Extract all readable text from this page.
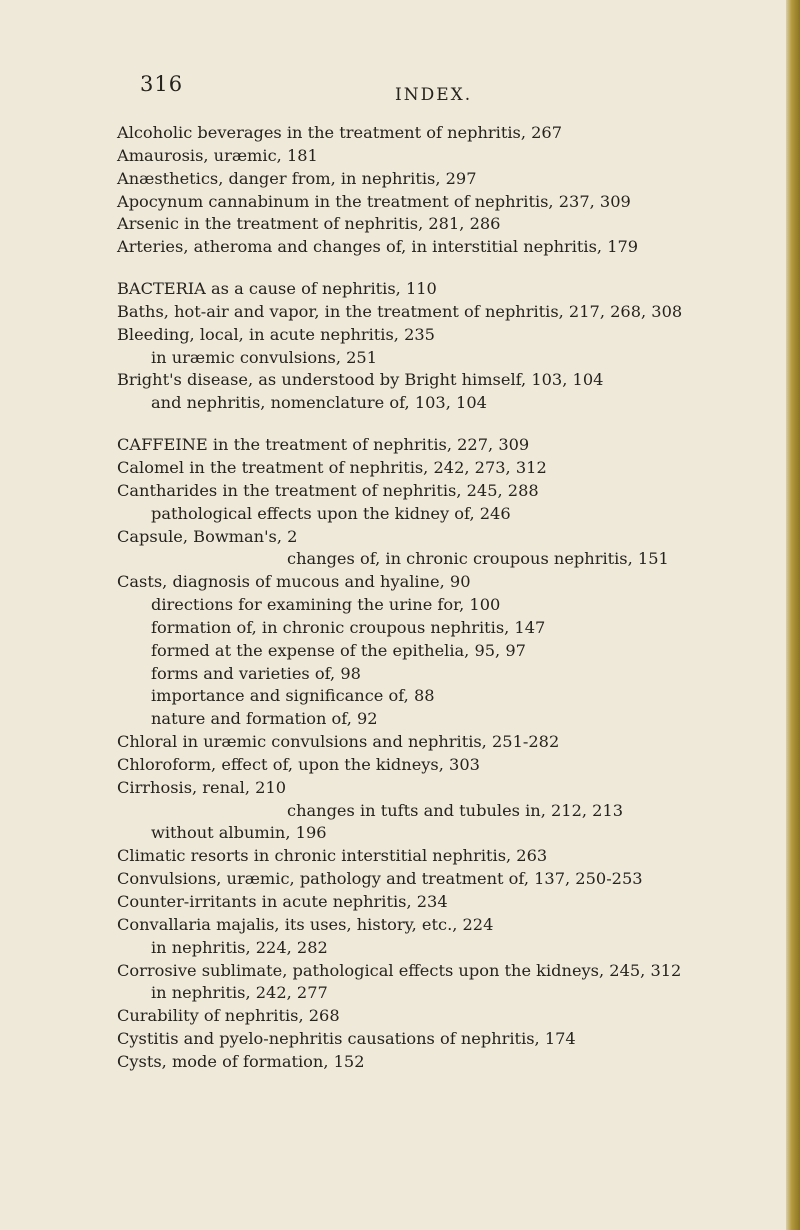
316	INDEX.
Alcoholic beverages in the treatment of nephritis, 267
Amaurosis, uræmic, 181
Anæsthetics, danger from, in nephritis, 297
Apocynum cannabinum in the treatment of nephritis, 237, 309
Arsenic in the treatment of nephritis, 281, 286
Arteries, atheroma and changes of, in interstitial nephritis, 179
BACTERIA as a cause of nephritis, 110
Baths, hot-air and vapor, in the treatment of nephritis, 217, 268, 308
Bleeding, local, in acute nephritis, 235
in uræmic convulsions, 251
Bright's disease, as understood by Bright himself, 103, 104
and nephritis, nomenclature of, 103, 104
CAFFEINE in the treatment of nephritis, 227, 309
Calomel in the treatment of nephritis, 242, 273, 312
Cantharides in the treatment of nephritis, 245, 288
pathological effects upon the kidney of, 246
Capsule, Bowman's, 2
changes of, in chronic croupous nephritis, 151
Casts, diagnosis of mucous and hyaline, 90
directions for examining the urine for, 100
formation of, in chronic croupous nephritis, 147
formed at the expense of the epithelia, 95, 97
forms and varieties of, 98
importance and significance of, 88
nature and formation of, 92
Chloral in uræmic convulsions and nephritis, 251-282
Chloroform, effect of, upon the kidneys, 303
Cirrhosis, renal, 210
changes in tufts and tubules in, 212, 213
without albumin, 196
Climatic resorts in chronic interstitial nephritis, 263
Convulsions, uræmic, pathology and treatment of, 137, 250-253
Counter-irritants in acute nephritis, 234
Convallaria majalis, its uses, history, etc., 224
in nephritis, 224, 282
Corrosive sublimate, pathological effects upon the kidneys, 245, 312
in nephritis, 242, 277
Curability of nephritis, 268
Cystitis and pyelo-nephritis causations of nephritis, 174
Cysts, mode of formation, 152
